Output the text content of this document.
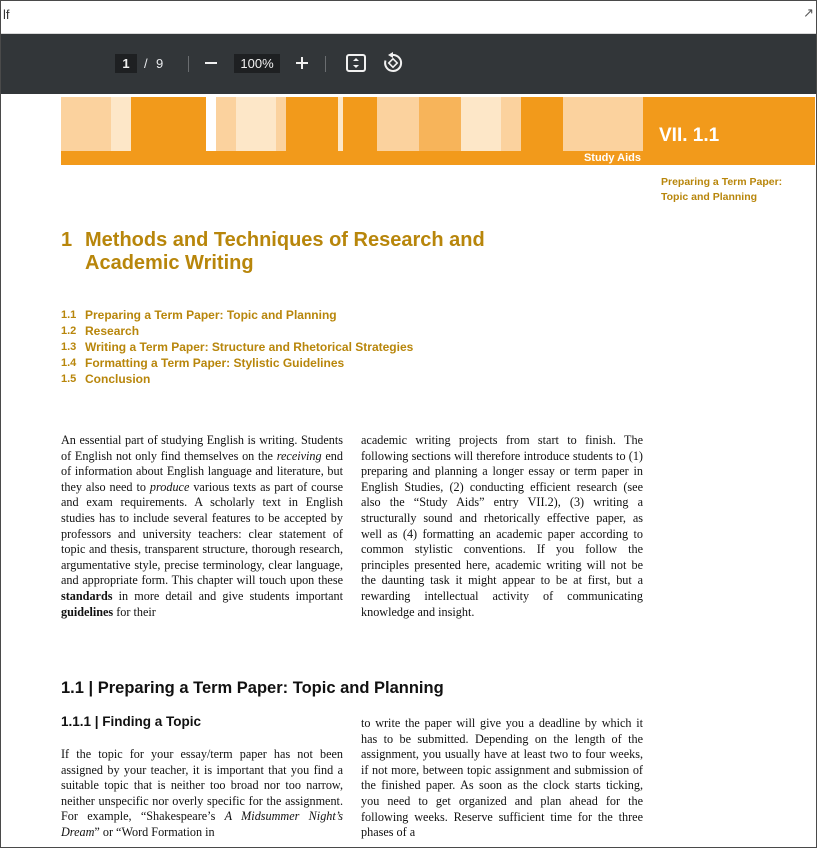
lf	↗
1	/ 9	100%
VII. 1.1
Study Aids
Preparing a Term Paper: Topic and Planning
1 Methods and Techniques of Research and Academic Writing
1.1 Preparing a Term Paper: Topic and Planning
1.2 Research
1.3 Writing a Term Paper: Structure and Rhetorical Strategies
1.4 Formatting a Term Paper: Stylistic Guidelines
1.5 Conclusion

An essential part of studying English is writing. Students of English not only find themselves on the receiving end of information about English language and literature, but they also need to produce various texts as part of course and exam requirements. A scholarly text in English studies has to include several features to be accepted by professors and university teachers: clear statement of topic and thesis, transparent structure, thorough research, argumentative style, precise terminology, clear language, and appropriate form. This chapter will touch upon these standards in more detail and give students important guidelines for their

academic writing projects from start to finish. The following sections will therefore introduce students to (1) preparing and planning a longer essay or term paper in English Studies, (2) conducting efficient research (see also the “Study Aids” entry VII.2), (3) writing a structurally sound and rhetorically effective paper, as well as (4) formatting an academic paper according to common stylistic conventions. If you follow the principles presented here, academic writing will not be the daunting task it might appear to be at first, but a rewarding intellectual activity of communicating knowledge and insight.

1.1 | Preparing a Term Paper: Topic and Planning
1.1.1 | Finding a Topic

If the topic for your essay/term paper has not been assigned by your teacher, it is important that you find a suitable topic that is neither too broad nor too narrow, neither unspecific nor overly specific for the assignment. For example, “Shakespeare’s A Midsummer Night’s Dream” or “Word Formation in

to write the paper will give you a deadline by which it has to be submitted. Depending on the length of the assignment, you usually have at least two to four weeks, if not more, between topic assignment and submission of the finished paper. As soon as the clock starts ticking, you need to get organized and plan ahead for the following weeks. Reserve sufficient time for the three phases of a
